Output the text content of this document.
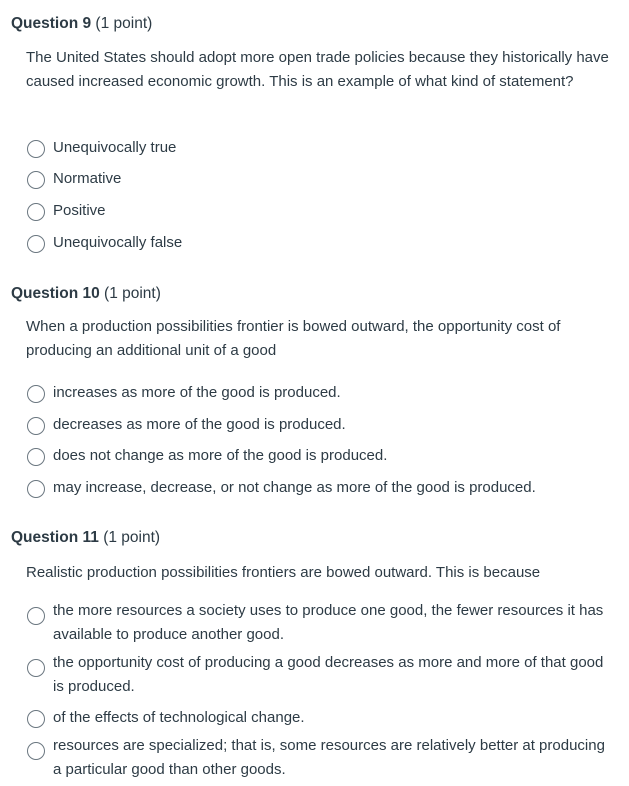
Question 9 (1 point)
The United States should adopt more open trade policies because they historically have caused increased economic growth. This is an example of what kind of statement?
Unequivocally true
Normative
Positive
Unequivocally false
Question 10 (1 point)
When a production possibilities frontier is bowed outward, the opportunity cost of producing an additional unit of a good
increases as more of the good is produced.
decreases as more of the good is produced.
does not change as more of the good is produced.
may increase, decrease, or not change as more of the good is produced.
Question 11 (1 point)
Realistic production possibilities frontiers are bowed outward. This is because
the more resources a society uses to produce one good, the fewer resources it has available to produce another good.
the opportunity cost of producing a good decreases as more and more of that good is produced.
of the effects of technological change.
resources are specialized; that is, some resources are relatively better at producing a particular good than other goods.
